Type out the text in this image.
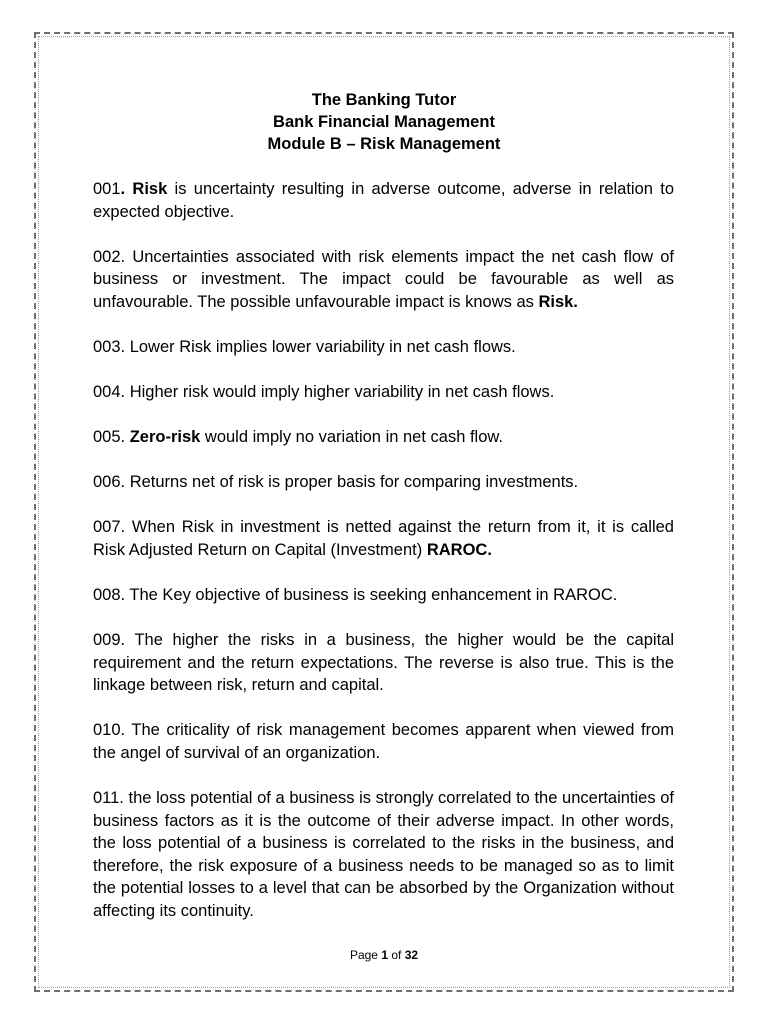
The Banking Tutor
Bank Financial Management
Module B – Risk Management

001. Risk is uncertainty resulting in adverse outcome, adverse in relation to expected objective.

002. Uncertainties associated with risk elements impact the net cash flow of business or investment. The impact could be favourable as well as unfavourable. The possible unfavourable impact is knows as Risk.

003. Lower Risk implies lower variability in net cash flows.

004. Higher risk would imply higher variability in net cash flows.

005. Zero-risk would imply no variation in net cash flow.

006. Returns net of risk is proper basis for comparing investments.

007. When Risk in investment is netted against the return from it, it is called Risk Adjusted Return on Capital (Investment) RAROC.

008. The Key objective of business is seeking enhancement in RAROC.

009. The higher the risks in a business, the higher would be the capital requirement and the return expectations. The reverse is also true. This is the linkage between risk, return and capital.

010. The criticality of risk management becomes apparent when viewed from the angel of survival of an organization.

011. the loss potential of a business is strongly correlated to the uncertainties of business factors as it is the outcome of their adverse impact. In other words, the loss potential of a business is correlated to the risks in the business, and therefore, the risk exposure of a business needs to be managed so as to limit the potential losses to a level that can be absorbed by the Organization without affecting its continuity.

Page 1 of 32
